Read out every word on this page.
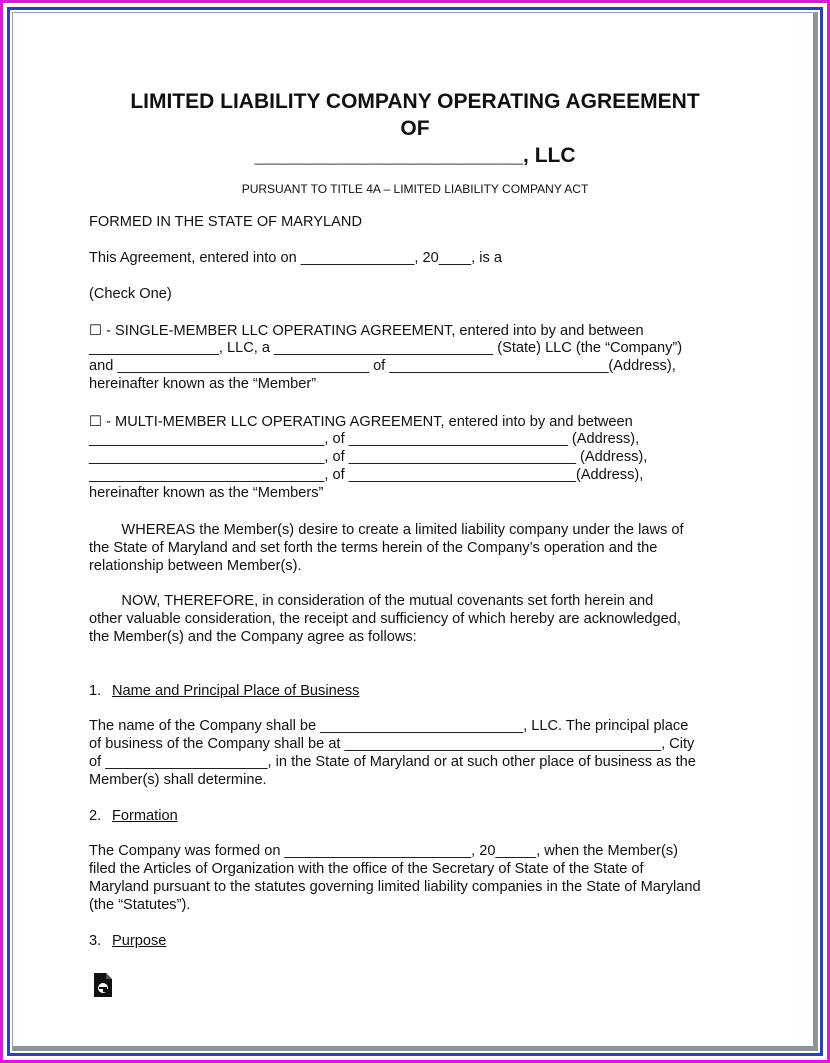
LIMITED LIABILITY COMPANY OPERATING AGREEMENT
OF
_______________________, LLC
PURSUANT TO TITLE 4A – LIMITED LIABILITY COMPANY ACT
FORMED IN THE STATE OF MARYLAND
This Agreement, entered into on ______________, 20____, is a
(Check One)
☐ - SINGLE-MEMBER LLC OPERATING AGREEMENT, entered into by and between
________________, LLC, a ___________________________ (State) LLC (the “Company”)
and _______________________________ of ___________________________(Address),
hereinafter known as the “Member”
☐ - MULTI-MEMBER LLC OPERATING AGREEMENT, entered into by and between
_____________________________, of ___________________________ (Address),
_____________________________, of ____________________________ (Address),
_____________________________, of ____________________________(Address),
hereinafter known as the “Members”
WHEREAS the Member(s) desire to create a limited liability company under the laws of
the State of Maryland and set forth the terms herein of the Company’s operation and the
relationship between Member(s).
NOW, THEREFORE, in consideration of the mutual covenants set forth herein and
other valuable consideration, the receipt and sufficiency of which hereby are acknowledged,
the Member(s) and the Company agree as follows:
1. Name and Principal Place of Business
The name of the Company shall be _________________________, LLC. The principal place
of business of the Company shall be at _______________________________________, City
of ____________________, in the State of Maryland or at such other place of business as the
Member(s) shall determine.
2. Formation
The Company was formed on _______________________, 20_____, when the Member(s)
filed the Articles of Organization with the office of the Secretary of State of the State of
Maryland pursuant to the statutes governing limited liability companies in the State of Maryland
(the “Statutes”).
3. Purpose
